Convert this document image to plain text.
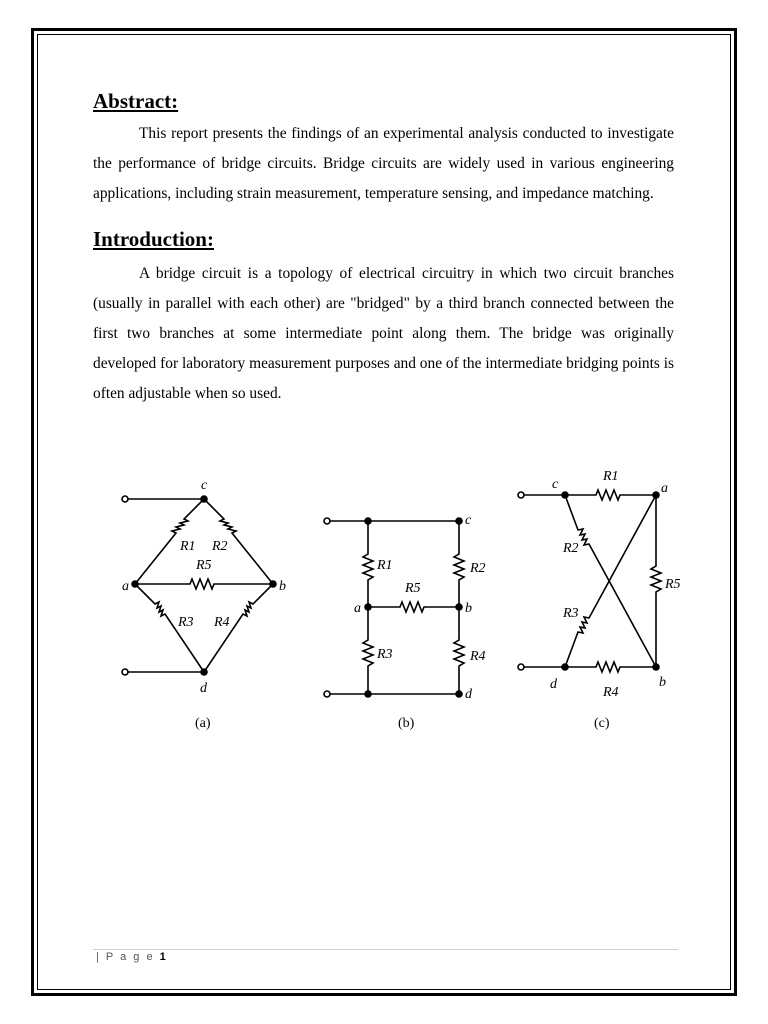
Abstract:

This report presents the findings of an experimental analysis conducted to investigate the performance of bridge circuits. Bridge circuits are widely used in various engineering applications, including strain measurement, temperature sensing, and impedance matching.

Introduction:

A bridge circuit is a topology of electrical circuitry in which two circuit branches (usually in parallel with each other) are "bridged" by a third branch connected between the first two branches at some intermediate point along them. The bridge was originally developed for laboratory measurement purposes and one of the intermediate bridging points is often adjustable when so used.

c
a	b
d
R1 R2
R5
R3 R4
(a)
c
a	b
d
R1	R2
R5
R3	R4
(b)
c	a
d	b
R1
R2
R3
R4
R5
(c)
| P a g e 1
